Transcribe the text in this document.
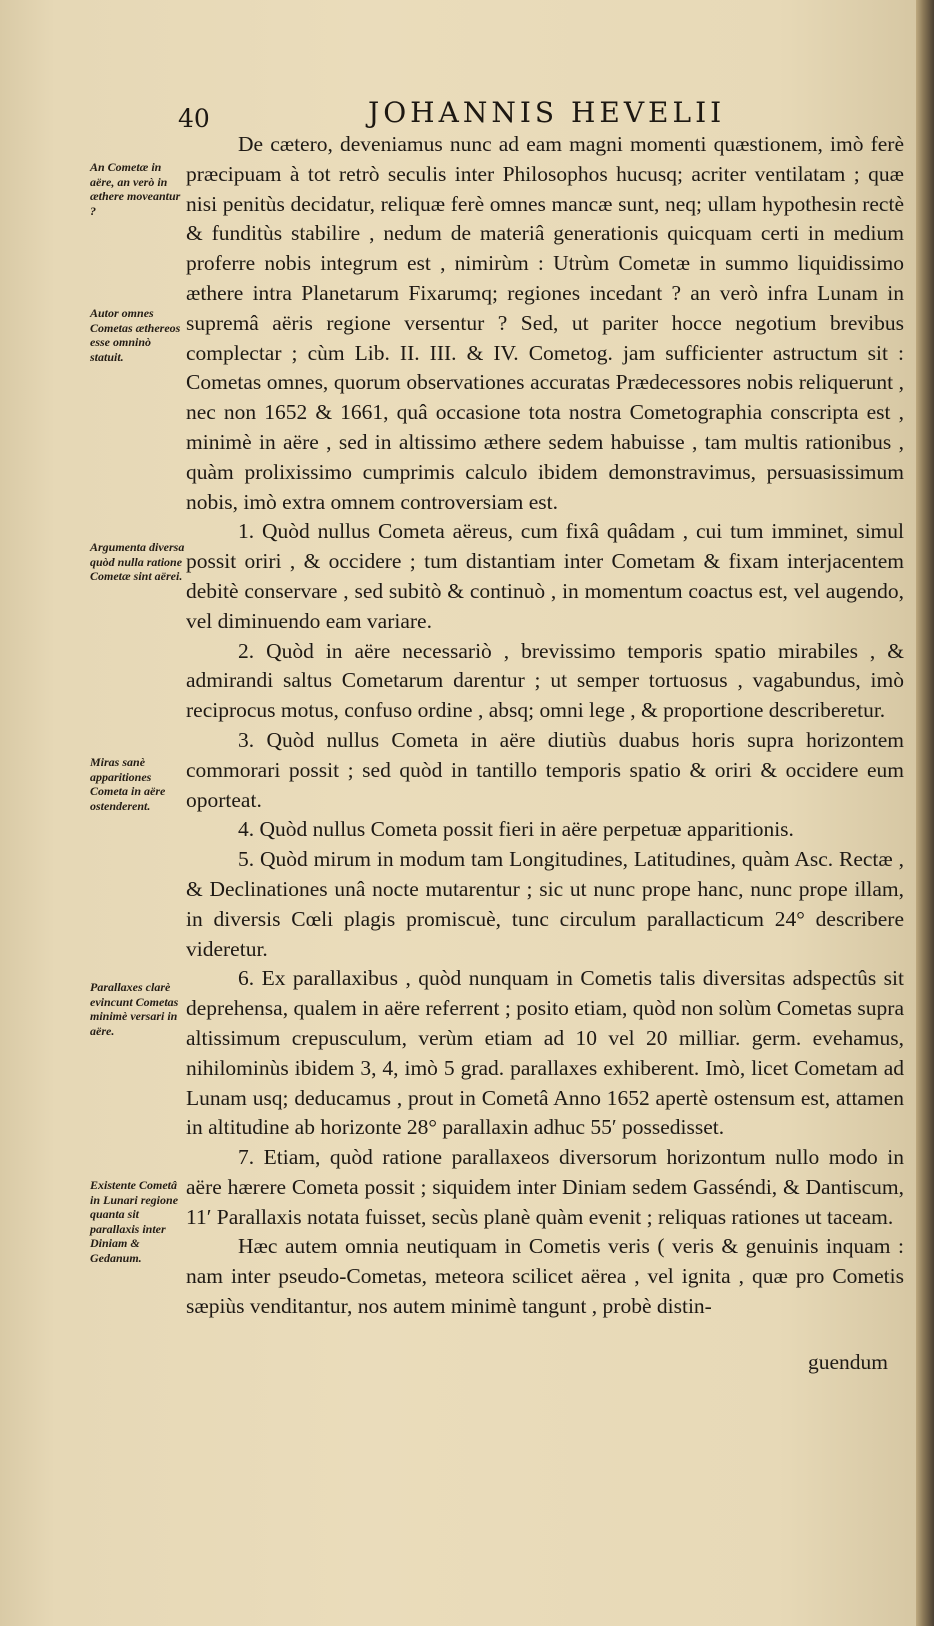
40	JOHANNIS HEVELII
An Cometæ in aëre, an verò in æthere moveantur ?
Autor omnes Cometas æthereos esse omninò statuit.
Argumenta diversa quòd nulla ratione Cometæ sint aërei.
Miras sanè apparitiones Cometa in aëre ostenderent.
Parallaxes clarè evincunt Cometas minimè versari in aëre.
Existente Cometâ in Lunari regione quanta sit parallaxis inter Diniam & Gedanum.

De cætero, deveniamus nunc ad eam magni momenti quæstionem, imò ferè præcipuam à tot retrò seculis inter Philosophos hucusq; acriter ventilatam ; quæ nisi penitùs decidatur, reliquæ ferè omnes mancæ sunt, neq; ullam hypothesin rectè & funditùs stabilire , nedum de materiâ generationis quicquam certi in medium proferre nobis integrum est , nimirùm : Utrùm Cometæ in summo liquidissimo æthere intra Planetarum Fixarumq; regiones incedant ? an verò infra Lunam in supremâ aëris regione versentur ? Sed, ut pariter hocce negotium brevibus complectar ; cùm Lib. II. III. & IV. Cometog. jam sufficienter astructum sit : Cometas omnes, quorum observationes accuratas Prædecessores nobis reliquerunt , nec non 1652 & 1661, quâ occasione tota nostra Cometographia conscripta est , minimè in aëre , sed in altissimo æthere sedem habuisse , tam multis rationibus , quàm prolixissimo cumprimis calculo ibidem demonstravimus, persuasissimum nobis, imò extra omnem controversiam est.

1. Quòd nullus Cometa aëreus, cum fixâ quâdam , cui tum imminet, simul possit oriri , & occidere ; tum distantiam inter Cometam & fixam interjacentem debitè conservare , sed subitò & continuò , in momentum coactus est, vel augendo, vel diminuendo eam variare.

2. Quòd in aëre necessariò , brevissimo temporis spatio mirabiles , & admirandi saltus Cometarum darentur ; ut semper tortuosus , vagabundus, imò reciprocus motus, confuso ordine , absq; omni lege , & proportione describeretur.

3. Quòd nullus Cometa in aëre diutiùs duabus horis supra horizontem commorari possit ; sed quòd in tantillo temporis spatio & oriri & occidere eum oporteat.

4. Quòd nullus Cometa possit fieri in aëre perpetuæ apparitionis.

5. Quòd mirum in modum tam Longitudines, Latitudines, quàm Asc. Rectæ , & Declinationes unâ nocte mutarentur ; sic ut nunc prope hanc, nunc prope illam, in diversis Cœli plagis promiscuè, tunc circulum parallacticum 24° describere videretur.

6. Ex parallaxibus , quòd nunquam in Cometis talis diversitas adspectûs sit deprehensa, qualem in aëre referrent ; posito etiam, quòd non solùm Cometas supra altissimum crepusculum, verùm etiam ad 10 vel 20 milliar. germ. evehamus, nihilominùs ibidem 3, 4, imò 5 grad. parallaxes exhiberent. Imò, licet Cometam ad Lunam usq; deducamus , prout in Cometâ Anno 1652 apertè ostensum est, attamen in altitudine ab horizonte 28° parallaxin adhuc 55′ possedisset.

7. Etiam, quòd ratione parallaxeos diversorum horizontum nullo modo in aëre hærere Cometa possit ; siquidem inter Diniam sedem Gasséndi, & Dantiscum, 11′ Parallaxis notata fuisset, secùs planè quàm evenit ; reliquas rationes ut taceam.

Hæc autem omnia neutiquam in Cometis veris ( veris & genuinis inquam : nam inter pseudo-Cometas, meteora scilicet aërea , vel ignita , quæ pro Cometis sæpiùs venditantur, nos autem minimè tangunt , probè distin-

guendum
